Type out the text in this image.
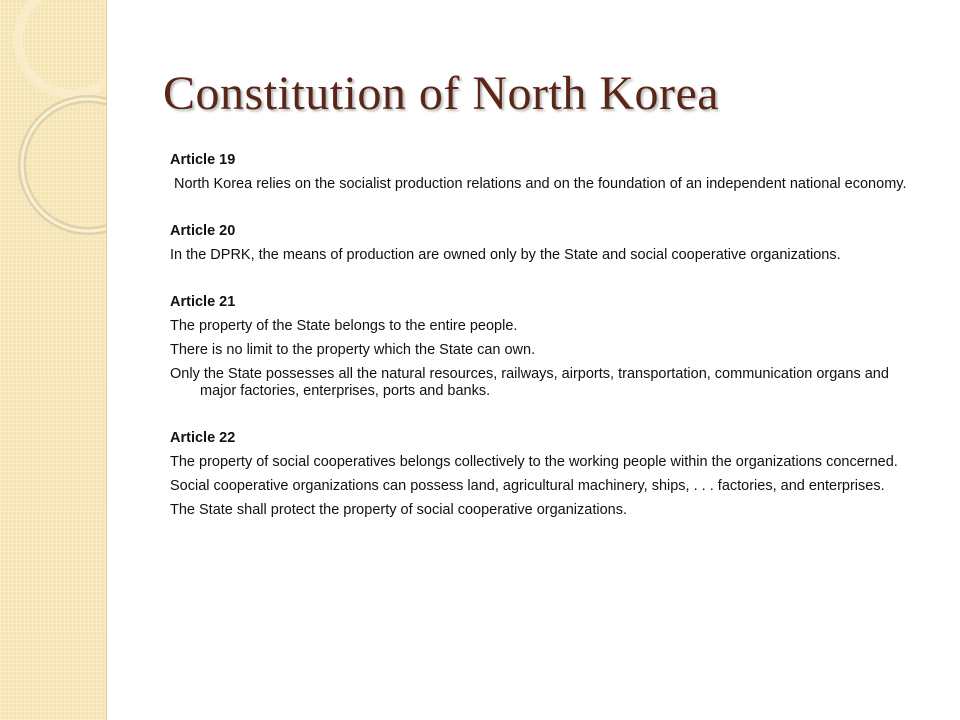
Constitution of North Korea
Article 19
North Korea relies on the socialist production relations and on the foundation of an independent national economy.
Article 20
In the DPRK, the means of production are owned only by the State and social cooperative organizations.
Article 21
The property of the State belongs to the entire people.
There is no limit to the property which the State can own.
Only the State possesses all the natural resources, railways, airports, transportation, communication organs and major factories, enterprises, ports and banks.
Article 22
The property of social cooperatives belongs collectively to the working people within the organizations concerned.
Social cooperative organizations can possess land, agricultural machinery, ships, . . . factories, and enterprises.
The State shall protect the property of social cooperative organizations.
